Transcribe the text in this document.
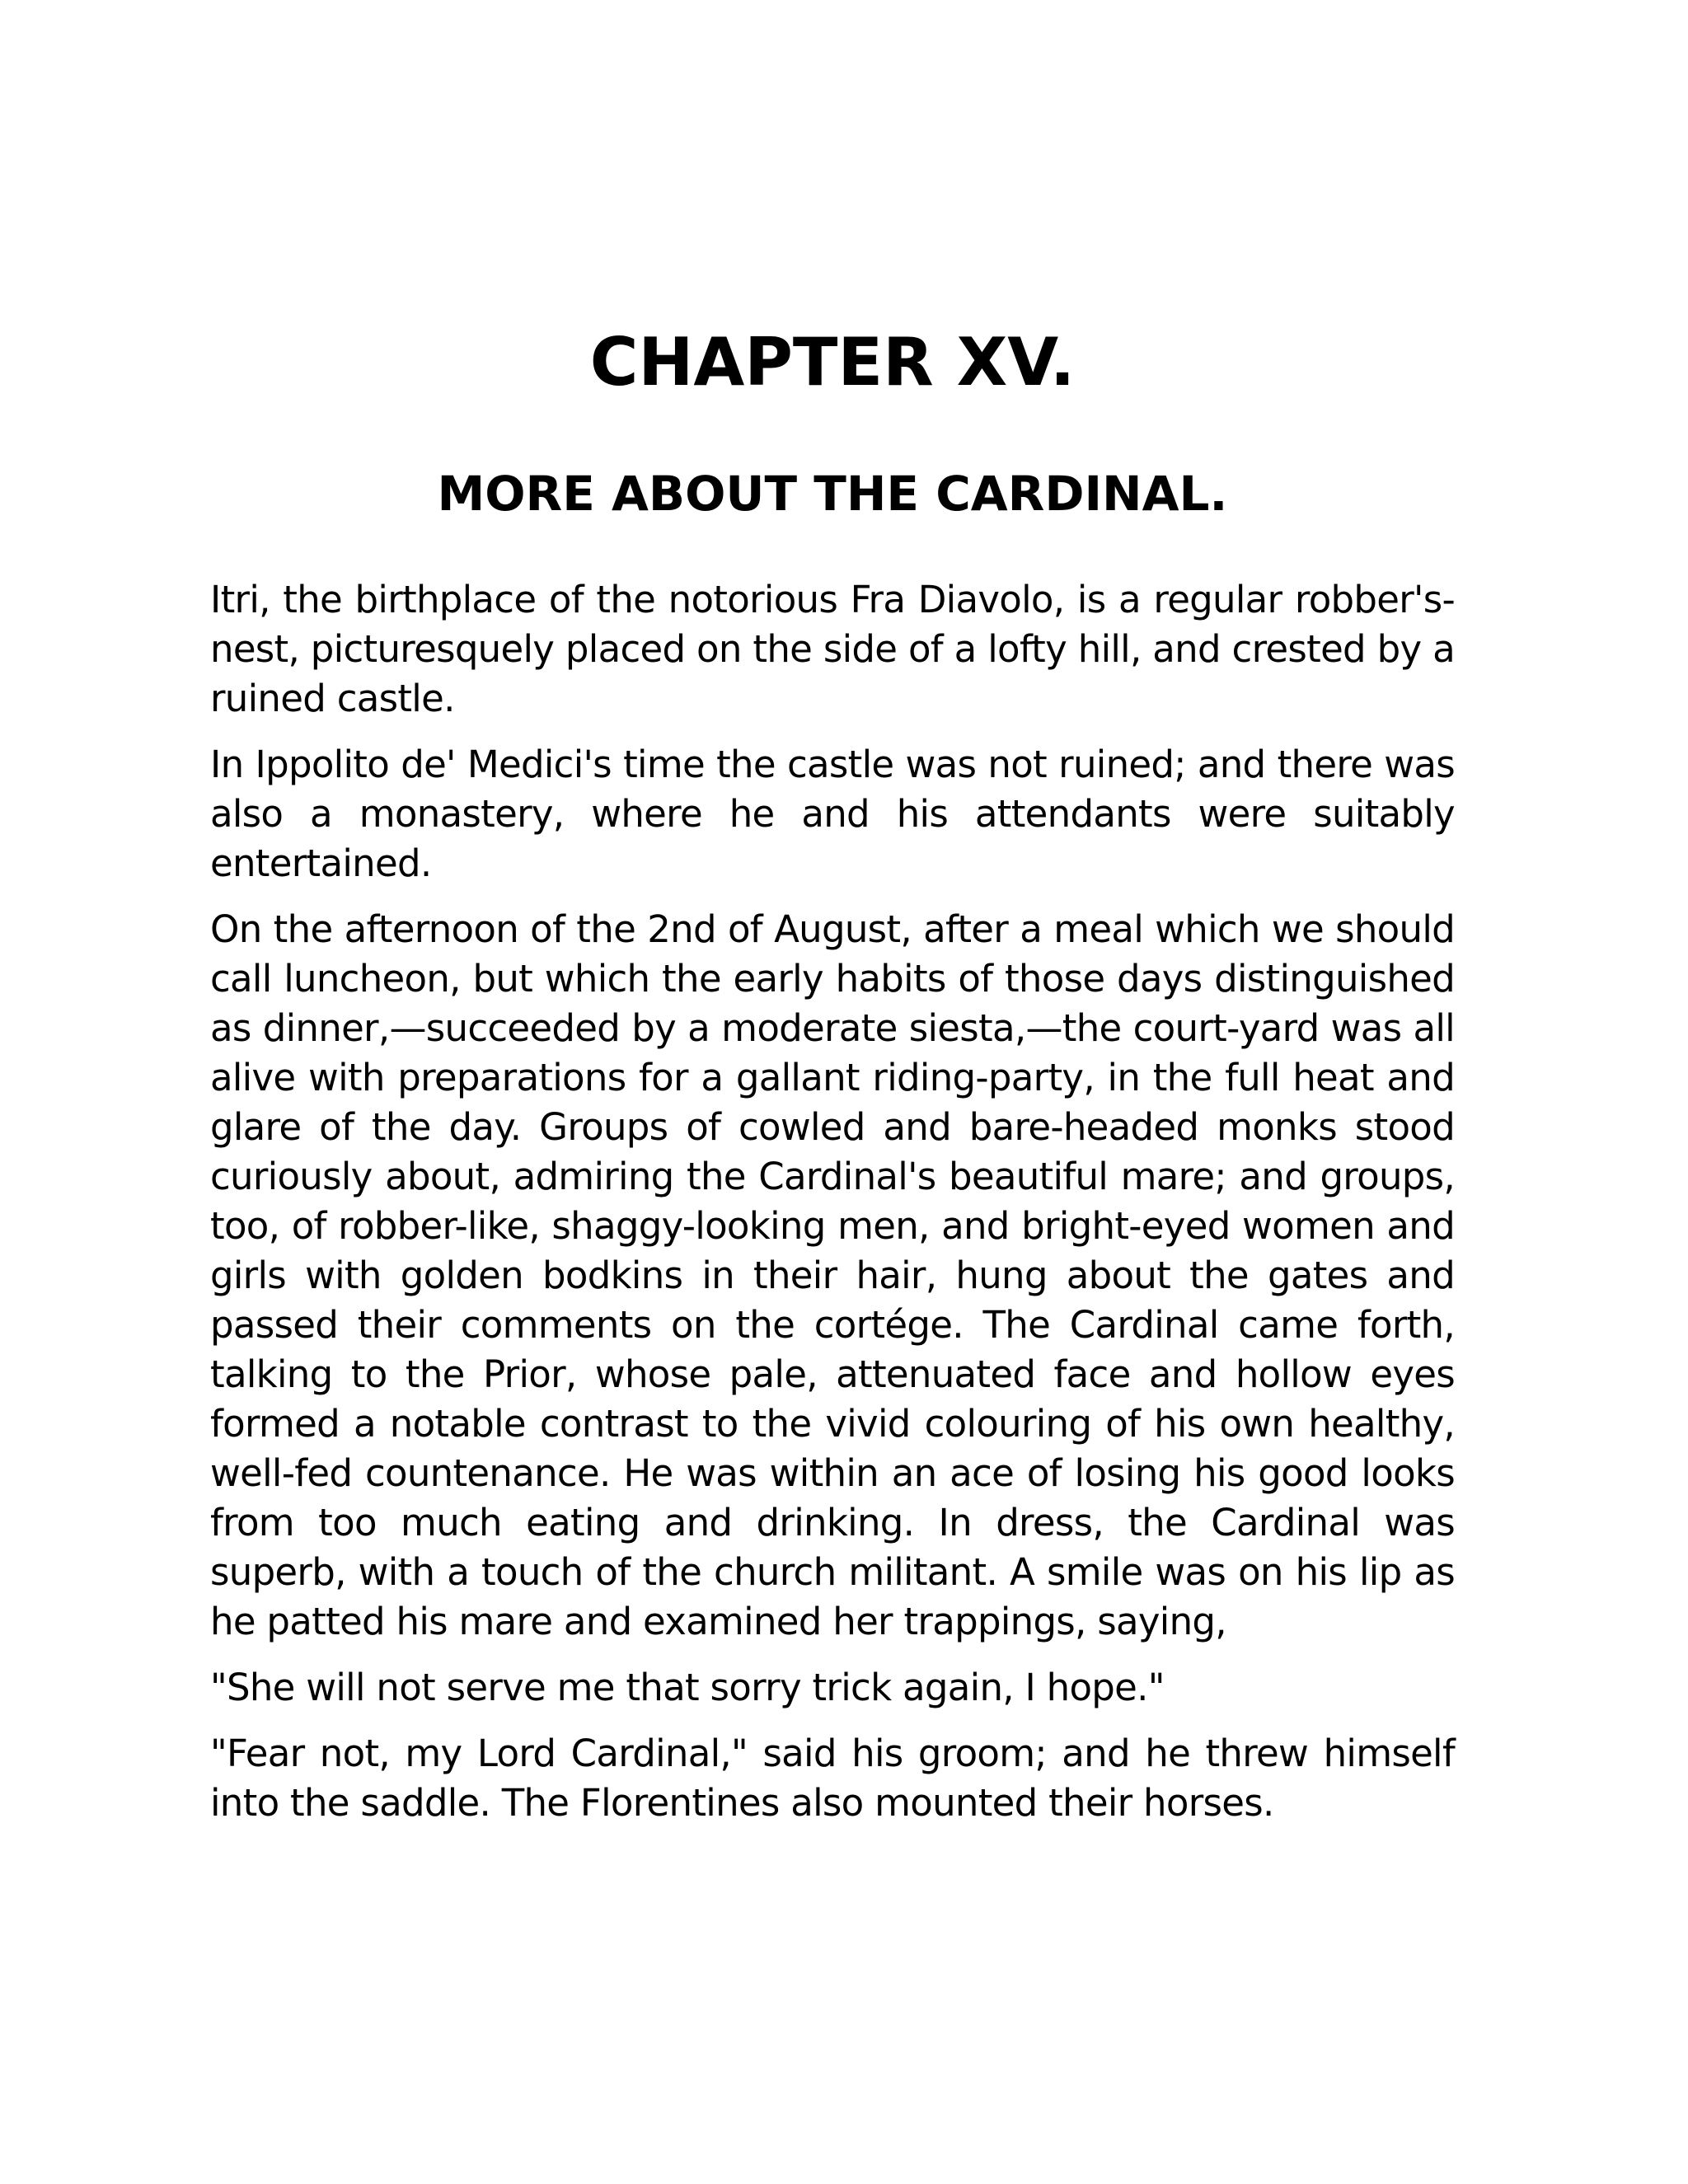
CHAPTER XV.
MORE ABOUT THE CARDINAL.

Itri, the birthplace of the notorious Fra Diavolo, is a regular robber's-nest, picturesquely placed on the side of a lofty hill, and crested by a ruined castle.

In Ippolito de' Medici's time the castle was not ruined; and there was also a monastery, where he and his attendants were suitably entertained.

On the afternoon of the 2nd of August, after a meal which we should call luncheon, but which the early habits of those days distinguished as dinner,—succeeded by a moderate siesta,—the court-yard was all alive with preparations for a gallant riding-party, in the full heat and glare of the day. Groups of cowled and bare-headed monks stood curiously about, admiring the Cardinal's beautiful mare; and groups, too, of robber-like, shaggy-looking men, and bright-eyed women and girls with golden bodkins in their hair, hung about the gates and passed their comments on the cortége. The Cardinal came forth, talking to the Prior, whose pale, attenuated face and hollow eyes formed a notable contrast to the vivid colouring of his own healthy, well-fed countenance. He was within an ace of losing his good looks from too much eating and drinking. In dress, the Cardinal was superb, with a touch of the church militant. A smile was on his lip as he patted his mare and examined her trappings, saying,

"She will not serve me that sorry trick again, I hope."

"Fear not, my Lord Cardinal," said his groom; and he threw himself into the saddle. The Florentines also mounted their horses.
